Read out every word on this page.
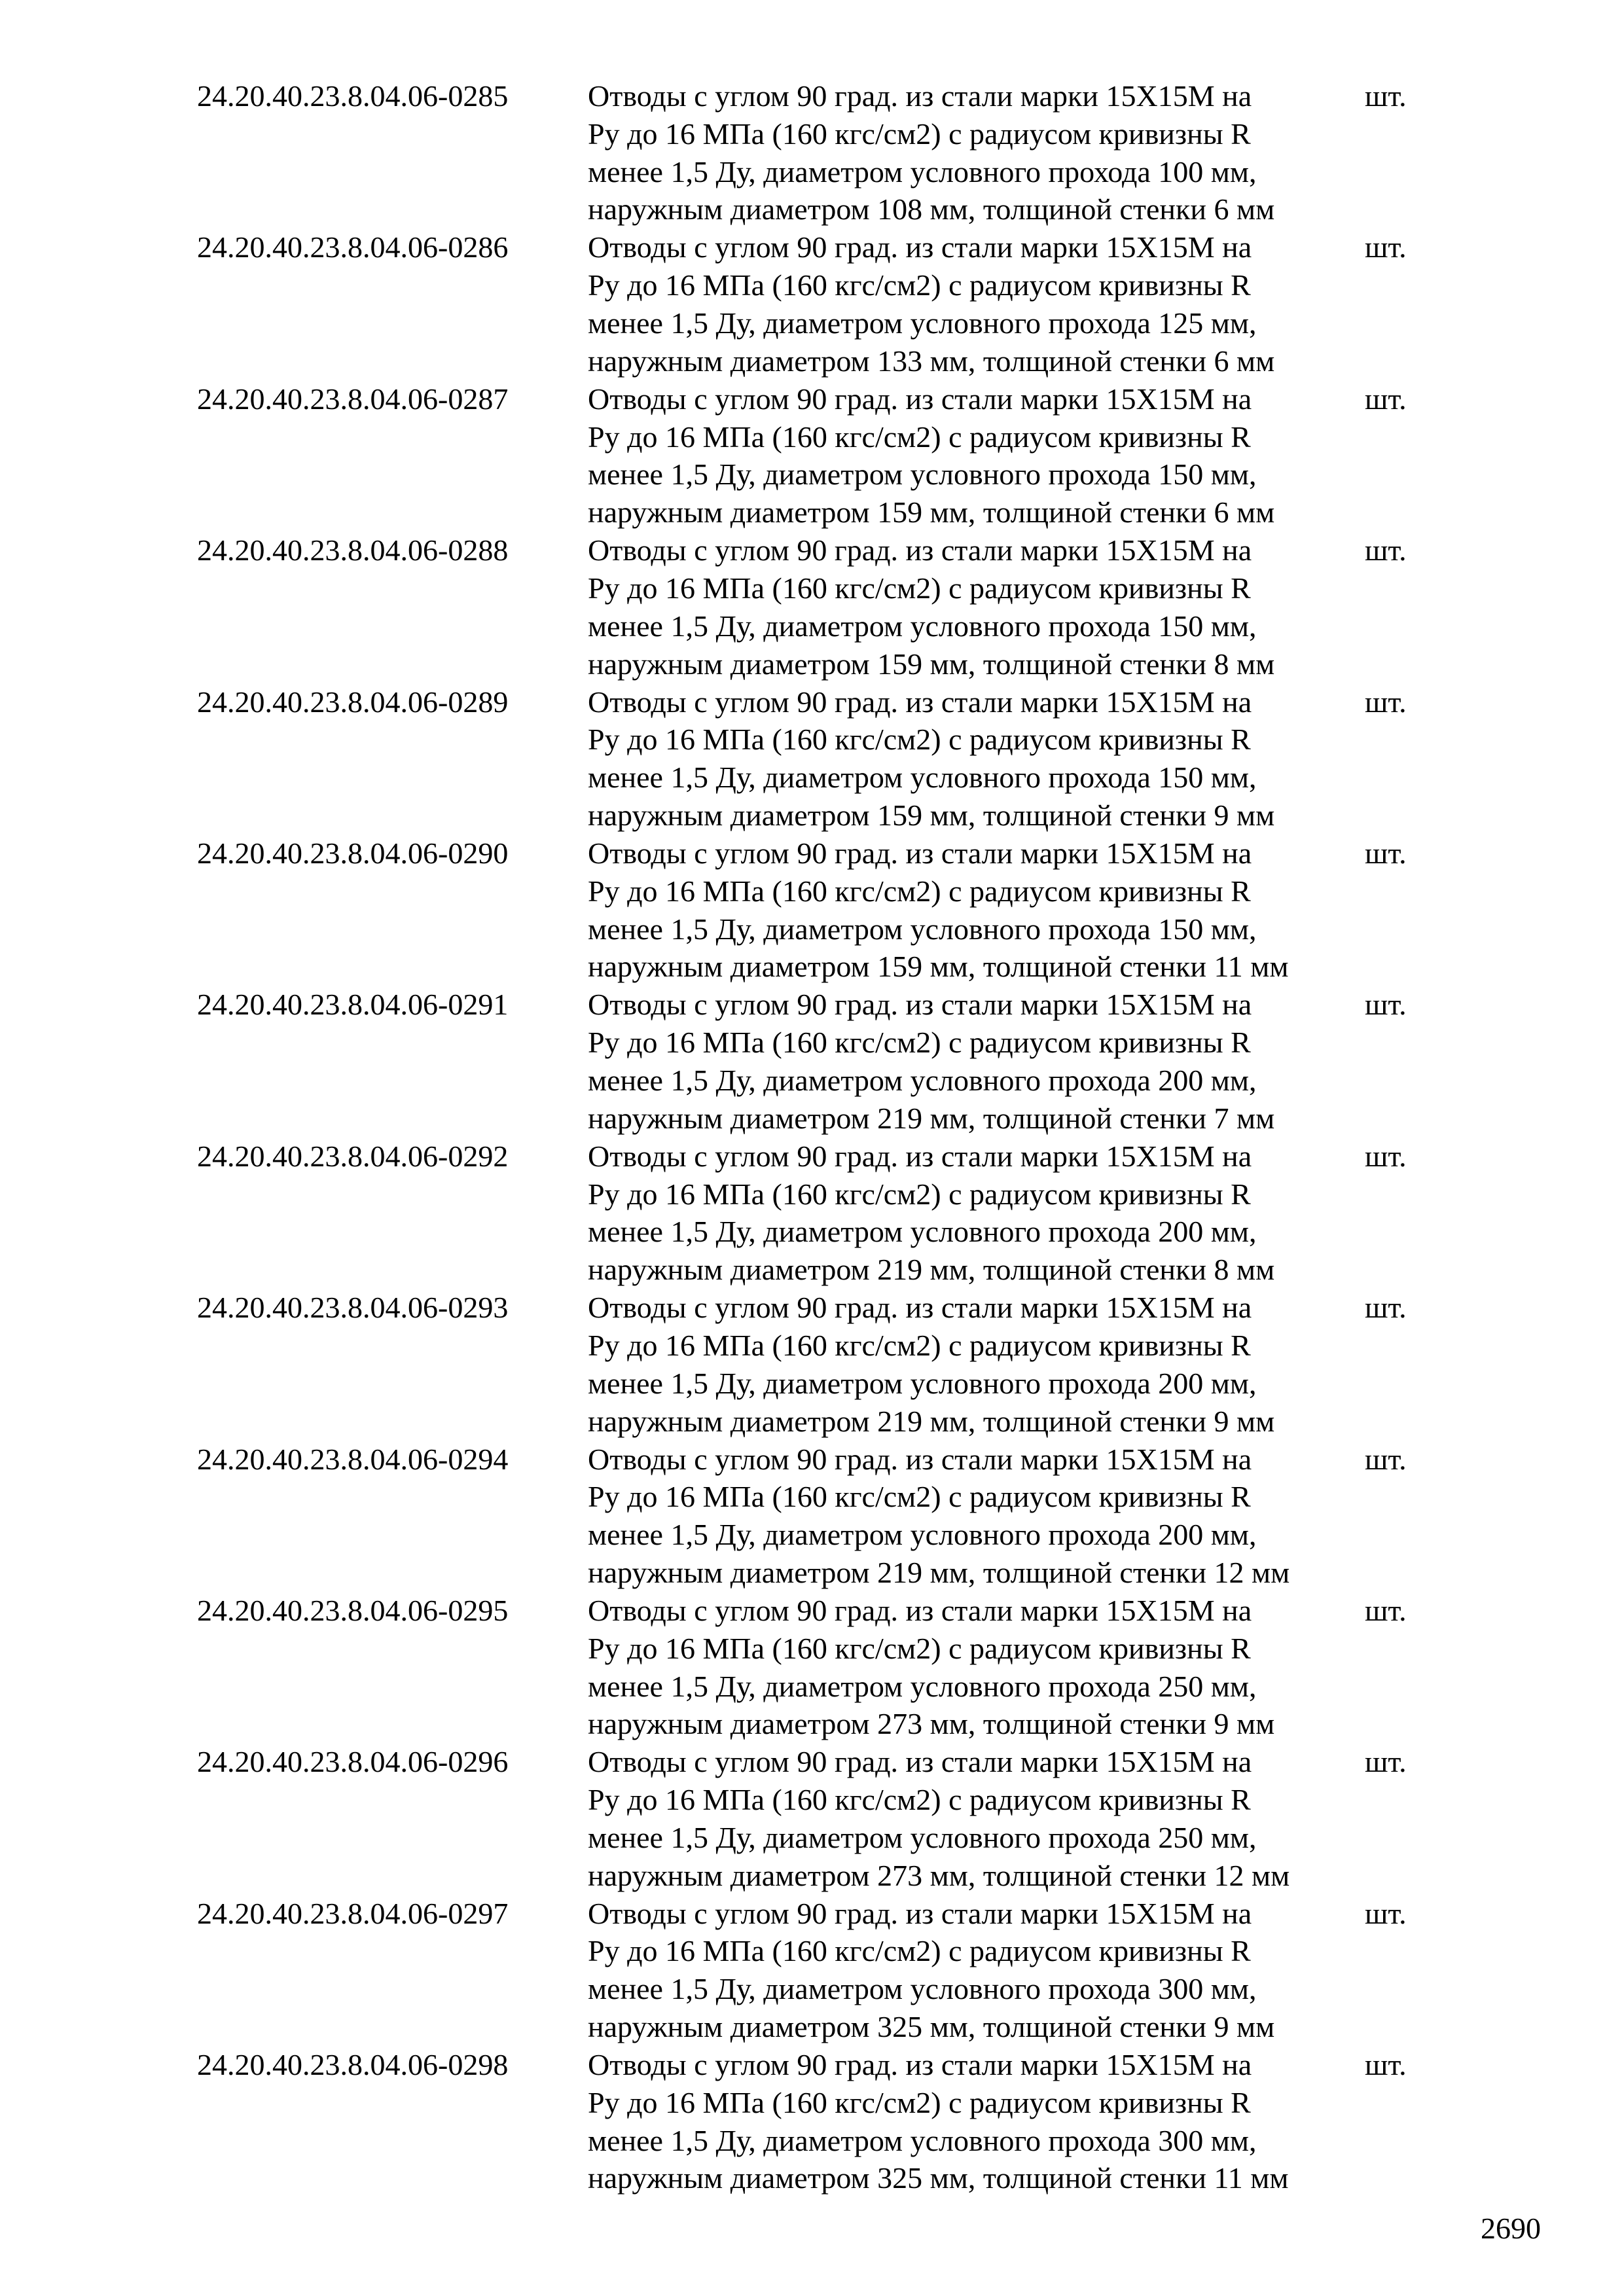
24.20.40.23.8.04.06-0285	Отводы с углом 90 град. из стали марки 15Х15М на
Ру до 16 МПа (160 кгс/см2) с радиусом кривизны R
менее 1,5 Ду, диаметром условного прохода 100 мм,
наружным диаметром 108 мм, толщиной стенки 6 мм
шт.
24.20.40.23.8.04.06-0286	Отводы с углом 90 град. из стали марки 15Х15М на
Ру до 16 МПа (160 кгс/см2) с радиусом кривизны R
менее 1,5 Ду, диаметром условного прохода 125 мм,
наружным диаметром 133 мм, толщиной стенки 6 мм
шт.
24.20.40.23.8.04.06-0287	Отводы с углом 90 град. из стали марки 15Х15М на
Ру до 16 МПа (160 кгс/см2) с радиусом кривизны R
менее 1,5 Ду, диаметром условного прохода 150 мм,
наружным диаметром 159 мм, толщиной стенки 6 мм
шт.
24.20.40.23.8.04.06-0288	Отводы с углом 90 град. из стали марки 15Х15М на
Ру до 16 МПа (160 кгс/см2) с радиусом кривизны R
менее 1,5 Ду, диаметром условного прохода 150 мм,
наружным диаметром 159 мм, толщиной стенки 8 мм
шт.
24.20.40.23.8.04.06-0289	Отводы с углом 90 град. из стали марки 15Х15М на
Ру до 16 МПа (160 кгс/см2) с радиусом кривизны R
менее 1,5 Ду, диаметром условного прохода 150 мм,
наружным диаметром 159 мм, толщиной стенки 9 мм
шт.
24.20.40.23.8.04.06-0290	Отводы с углом 90 град. из стали марки 15Х15М на
Ру до 16 МПа (160 кгс/см2) с радиусом кривизны R
менее 1,5 Ду, диаметром условного прохода 150 мм,
наружным диаметром 159 мм, толщиной стенки 11 мм
шт.
24.20.40.23.8.04.06-0291	Отводы с углом 90 град. из стали марки 15Х15М на
Ру до 16 МПа (160 кгс/см2) с радиусом кривизны R
менее 1,5 Ду, диаметром условного прохода 200 мм,
наружным диаметром 219 мм, толщиной стенки 7 мм
шт.
24.20.40.23.8.04.06-0292	Отводы с углом 90 град. из стали марки 15Х15М на
Ру до 16 МПа (160 кгс/см2) с радиусом кривизны R
менее 1,5 Ду, диаметром условного прохода 200 мм,
наружным диаметром 219 мм, толщиной стенки 8 мм
шт.
24.20.40.23.8.04.06-0293	Отводы с углом 90 град. из стали марки 15Х15М на
Ру до 16 МПа (160 кгс/см2) с радиусом кривизны R
менее 1,5 Ду, диаметром условного прохода 200 мм,
наружным диаметром 219 мм, толщиной стенки 9 мм
шт.
24.20.40.23.8.04.06-0294	Отводы с углом 90 град. из стали марки 15Х15М на
Ру до 16 МПа (160 кгс/см2) с радиусом кривизны R
менее 1,5 Ду, диаметром условного прохода 200 мм,
наружным диаметром 219 мм, толщиной стенки 12 мм
шт.
24.20.40.23.8.04.06-0295	Отводы с углом 90 град. из стали марки 15Х15М на
Ру до 16 МПа (160 кгс/см2) с радиусом кривизны R
менее 1,5 Ду, диаметром условного прохода 250 мм,
наружным диаметром 273 мм, толщиной стенки 9 мм
шт.
24.20.40.23.8.04.06-0296	Отводы с углом 90 град. из стали марки 15Х15М на
Ру до 16 МПа (160 кгс/см2) с радиусом кривизны R
менее 1,5 Ду, диаметром условного прохода 250 мм,
наружным диаметром 273 мм, толщиной стенки 12 мм
шт.
24.20.40.23.8.04.06-0297	Отводы с углом 90 град. из стали марки 15Х15М на
Ру до 16 МПа (160 кгс/см2) с радиусом кривизны R
менее 1,5 Ду, диаметром условного прохода 300 мм,
наружным диаметром 325 мм, толщиной стенки 9 мм
шт.
24.20.40.23.8.04.06-0298	Отводы с углом 90 град. из стали марки 15Х15М на
Ру до 16 МПа (160 кгс/см2) с радиусом кривизны R
менее 1,5 Ду, диаметром условного прохода 300 мм,
наружным диаметром 325 мм, толщиной стенки 11 мм
шт.
2690
